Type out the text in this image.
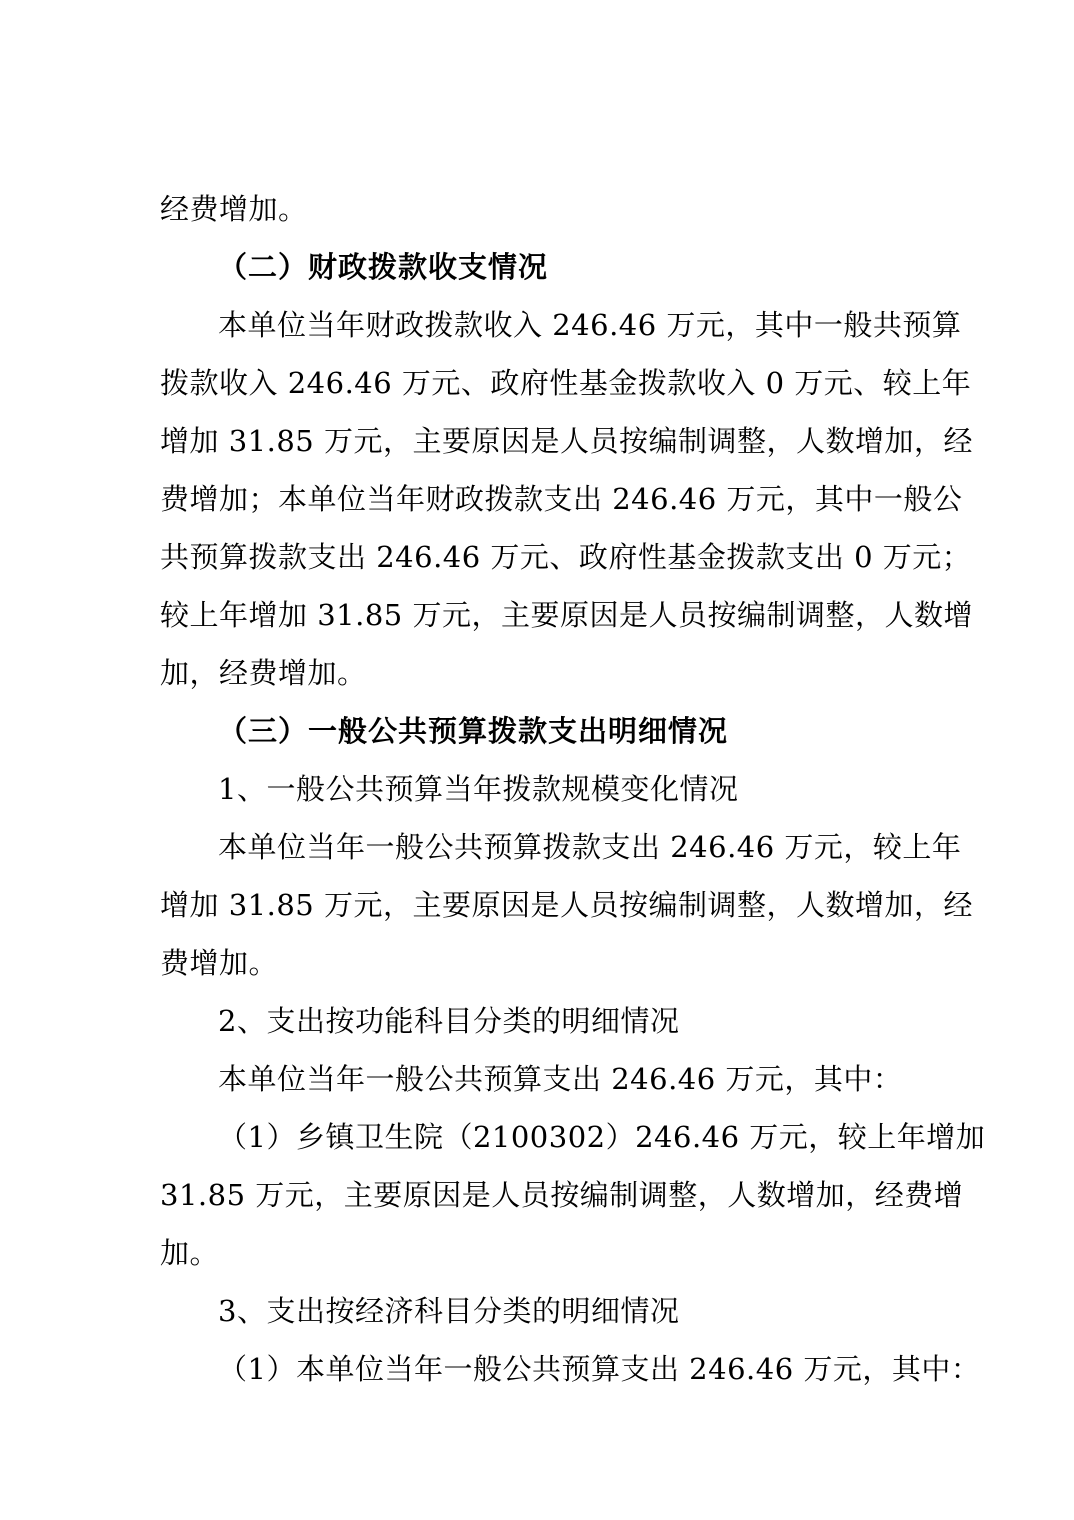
经费增加。
（二）财政拨款收支情况
本单位当年财政拨款收入 246.46 万元，其中一般共预算
拨款收入 246.46 万元、政府性基金拨款收入 0 万元、较上年
增加 31.85 万元，主要原因是人员按编制调整，人数增加，经
费增加；本单位当年财政拨款支出 246.46 万元，其中一般公
共预算拨款支出 246.46 万元、政府性基金拨款支出 0 万元；
较上年增加 31.85 万元，主要原因是人员按编制调整，人数增
加，经费增加。
（三）一般公共预算拨款支出明细情况
1、一般公共预算当年拨款规模变化情况
本单位当年一般公共预算拨款支出 246.46 万元，较上年
增加 31.85 万元，主要原因是人员按编制调整，人数增加，经
费增加。
2、支出按功能科目分类的明细情况
本单位当年一般公共预算支出 246.46 万元，其中：
（1）乡镇卫生院（2100302）246.46 万元，较上年增加
31.85 万元，主要原因是人员按编制调整，人数增加，经费增
加。
3、支出按经济科目分类的明细情况
（1）本单位当年一般公共预算支出 246.46 万元，其中：
